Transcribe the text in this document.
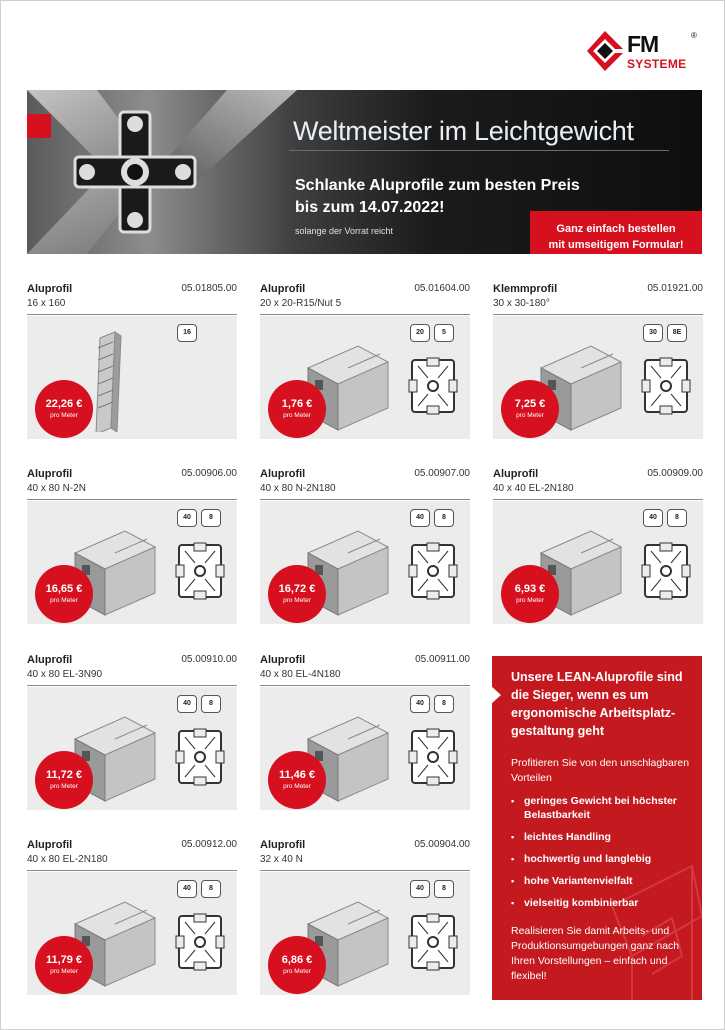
FM	®
SYSTEME
Weltmeister im Leichtgewicht
Schlanke Aluprofile zum besten Preis
bis zum 14.07.2022!
solange der Vorrat reicht	Ganz einfach bestellen
mit umseitigem Formular!
Unsere LEAN-Aluprofile sind die Sieger, wenn es um ergonomische Arbeitsplatz-gestaltung geht
Profitieren Sie von den unschlagbaren Vorteilen
▪ geringes Gewicht bei höchster Belastbarkeit
▪ leichtes Handling
▪ hochwertig und langlebig
▪ hohe Variantenvielfalt
▪ vielseitig kombinierbar
Realisieren Sie damit Arbeits- und Produktionsumgebungen ganz nach Ihren Vorstellungen – einfach und flexibel!
Aluprofil
16 x 160
05.01805.00
16
22,26 €
pro Meter
Aluprofil
20 x 20-R15/Nut 5
05.01604.00
20	5
1,76 €
pro Meter
Klemmprofil
30 x 30-180°
05.01921.00
30	8E
7,25 €
pro Meter
Aluprofil
40 x 80 N-2N
05.00906.00
40	8
16,65 €
pro Meter
Aluprofil
40 x 80 N-2N180
05.00907.00
40	8
16,72 €
pro Meter
Aluprofil
40 x 40 EL-2N180
05.00909.00
40	8
6,93 €
pro Meter
Aluprofil
40 x 80 EL-3N90
05.00910.00
40	8
11,72 €
pro Meter
Aluprofil
40 x 80 EL-4N180
05.00911.00
40	8
11,46 €
pro Meter
Aluprofil
40 x 80 EL-2N180
05.00912.00
40	8
11,79 €
pro Meter
Aluprofil
32 x 40 N
05.00904.00
40	8
6,86 €
pro Meter
